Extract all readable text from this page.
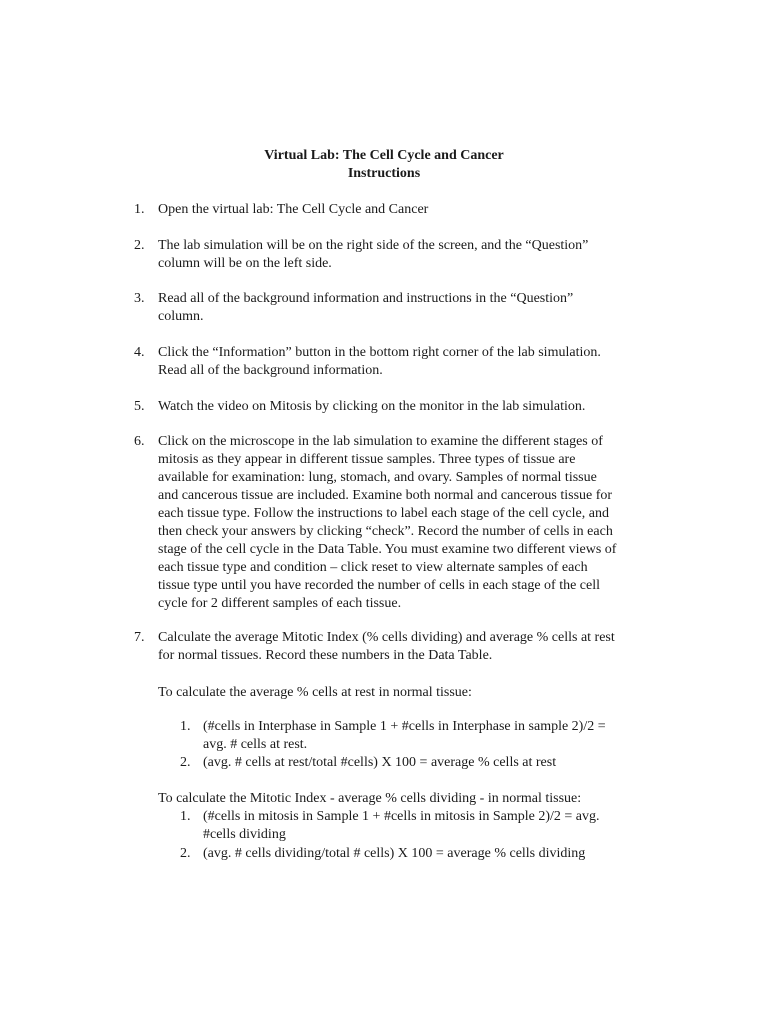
Virtual Lab: The Cell Cycle and Cancer
Instructions
1. Open the virtual lab: The Cell Cycle and Cancer
2. The lab simulation will be on the right side of the screen, and the “Question”
column will be on the left side.
3. Read all of the background information and instructions in the “Question”
column.
4. Click the “Information” button in the bottom right corner of the lab simulation.
Read all of the background information.
5. Watch the video on Mitosis by clicking on the monitor in the lab simulation.
6. Click on the microscope in the lab simulation to examine the different stages of
mitosis as they appear in different tissue samples. Three types of tissue are
available for examination: lung, stomach, and ovary. Samples of normal tissue
and cancerous tissue are included. Examine both normal and cancerous tissue for
each tissue type. Follow the instructions to label each stage of the cell cycle, and
then check your answers by clicking “check”. Record the number of cells in each
stage of the cell cycle in the Data Table. You must examine two different views of
each tissue type and condition – click reset to view alternate samples of each
tissue type until you have recorded the number of cells in each stage of the cell
cycle for 2 different samples of each tissue.
7. Calculate the average Mitotic Index (% cells dividing) and average % cells at rest
for normal tissues. Record these numbers in the Data Table.
To calculate the average % cells at rest in normal tissue:
1. (#cells in Interphase in Sample 1 + #cells in Interphase in sample 2)/2 =
avg. # cells at rest.
2. (avg. # cells at rest/total #cells) X 100 = average % cells at rest
To calculate the Mitotic Index - average % cells dividing - in normal tissue:
1. (#cells in mitosis in Sample 1 + #cells in mitosis in Sample 2)/2 = avg.
#cells dividing
2. (avg. # cells dividing/total # cells) X 100 = average % cells dividing
